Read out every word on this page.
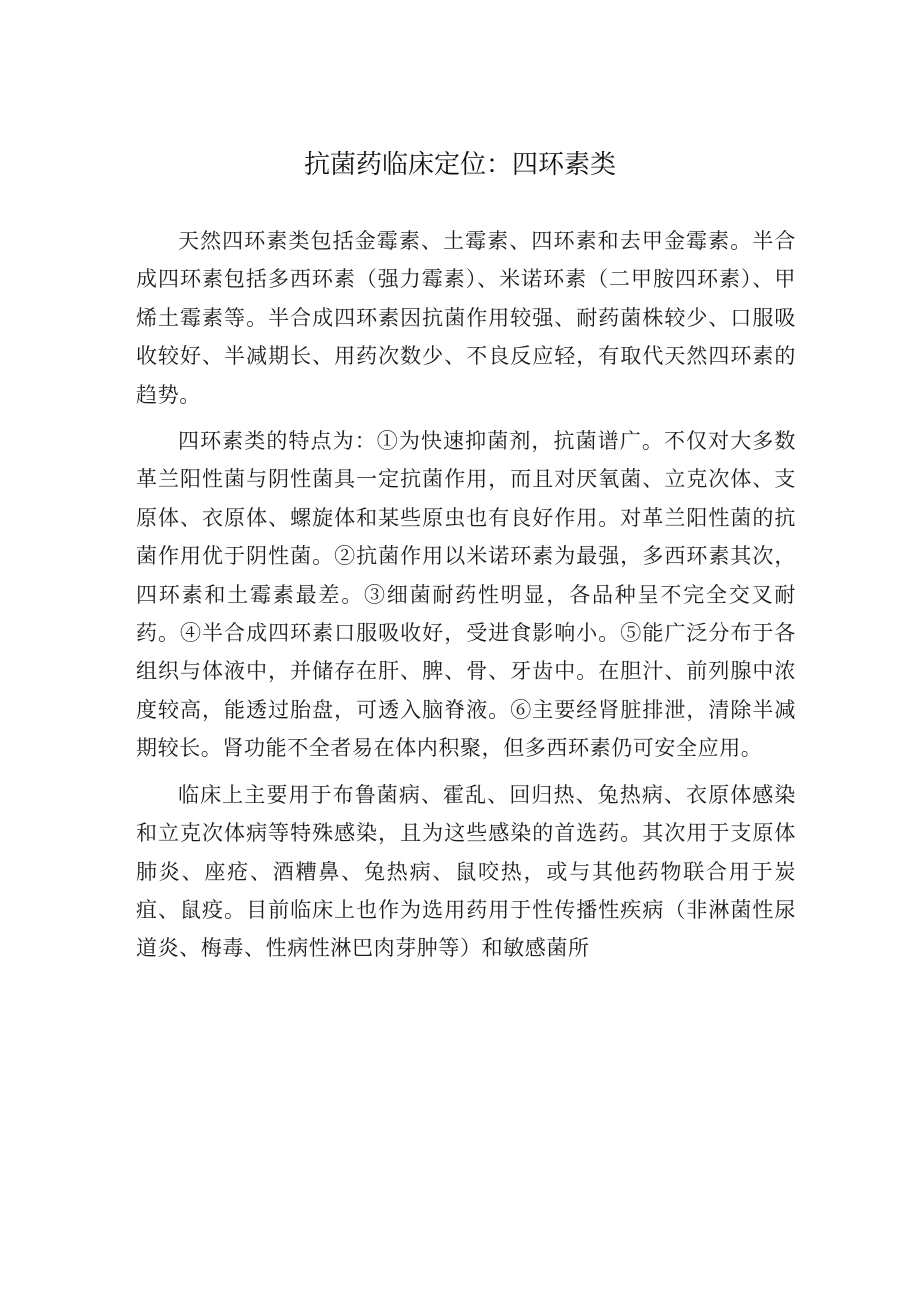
抗菌药临床定位：四环素类

天然四环素类包括金霉素、土霉素、四环素和去甲金霉素。半合成四环素包括多西环素（强力霉素）、米诺环素（二甲胺四环素）、甲烯土霉素等。半合成四环素因抗菌作用较强、耐药菌株较少、口服吸收较好、半减期长、用药次数少、不良反应轻，有取代天然四环素的趋势。

四环素类的特点为：①为快速抑菌剂，抗菌谱广。不仅对大多数革兰阳性菌与阴性菌具一定抗菌作用，而且对厌氧菌、立克次体、支原体、衣原体、螺旋体和某些原虫也有良好作用。对革兰阳性菌的抗菌作用优于阴性菌。②抗菌作用以米诺环素为最强，多西环素其次，四环素和土霉素最差。③细菌耐药性明显，各品种呈不完全交叉耐药。④半合成四环素口服吸收好，受进食影响小。⑤能广泛分布于各组织与体液中，并储存在肝、脾、骨、牙齿中。在胆汁、前列腺中浓度较高，能透过胎盘，可透入脑脊液。⑥主要经肾脏排泄，清除半减期较长。肾功能不全者易在体内积聚，但多西环素仍可安全应用。

临床上主要用于布鲁菌病、霍乱、回归热、兔热病、衣原体感染和立克次体病等特殊感染，且为这些感染的首选药。其次用于支原体肺炎、座疮、酒糟鼻、兔热病、鼠咬热，或与其他药物联合用于炭疽、鼠疫。目前临床上也作为选用药用于性传播性疾病（非淋菌性尿道炎、梅毒、性病性淋巴肉芽肿等）和敏感菌所
